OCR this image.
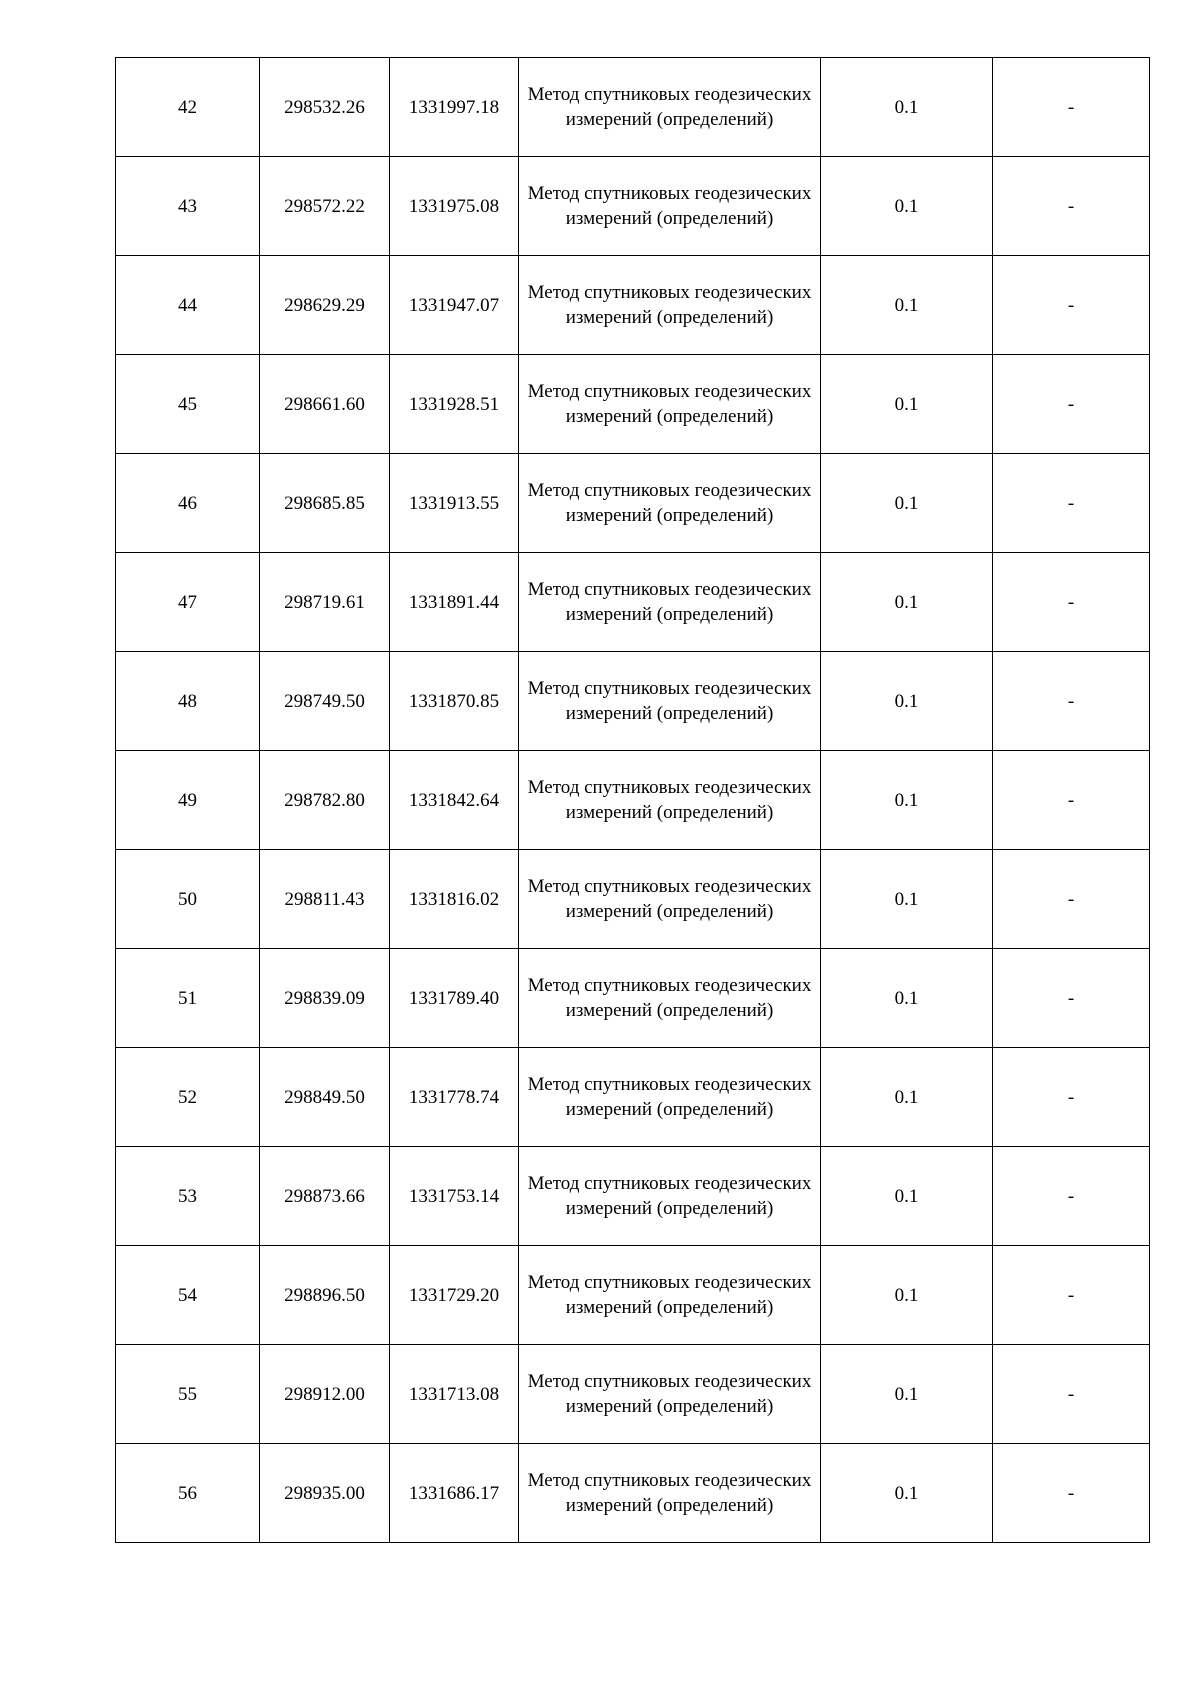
42	298532.26	1331997.18	Метод спутниковых геодезических измерений (определений)	0.1	-
43	298572.22	1331975.08	Метод спутниковых геодезических измерений (определений)	0.1	-
44	298629.29	1331947.07	Метод спутниковых геодезических измерений (определений)	0.1	-
45	298661.60	1331928.51	Метод спутниковых геодезических измерений (определений)	0.1	-
46	298685.85	1331913.55	Метод спутниковых геодезических измерений (определений)	0.1	-
47	298719.61	1331891.44	Метод спутниковых геодезических измерений (определений)	0.1	-
48	298749.50	1331870.85	Метод спутниковых геодезических измерений (определений)	0.1	-
49	298782.80	1331842.64	Метод спутниковых геодезических измерений (определений)	0.1	-
50	298811.43	1331816.02	Метод спутниковых геодезических измерений (определений)	0.1	-
51	298839.09	1331789.40	Метод спутниковых геодезических измерений (определений)	0.1	-
52	298849.50	1331778.74	Метод спутниковых геодезических измерений (определений)	0.1	-
53	298873.66	1331753.14	Метод спутниковых геодезических измерений (определений)	0.1	-
54	298896.50	1331729.20	Метод спутниковых геодезических измерений (определений)	0.1	-
55	298912.00	1331713.08	Метод спутниковых геодезических измерений (определений)	0.1	-
56	298935.00	1331686.17	Метод спутниковых геодезических измерений (определений)	0.1	-
